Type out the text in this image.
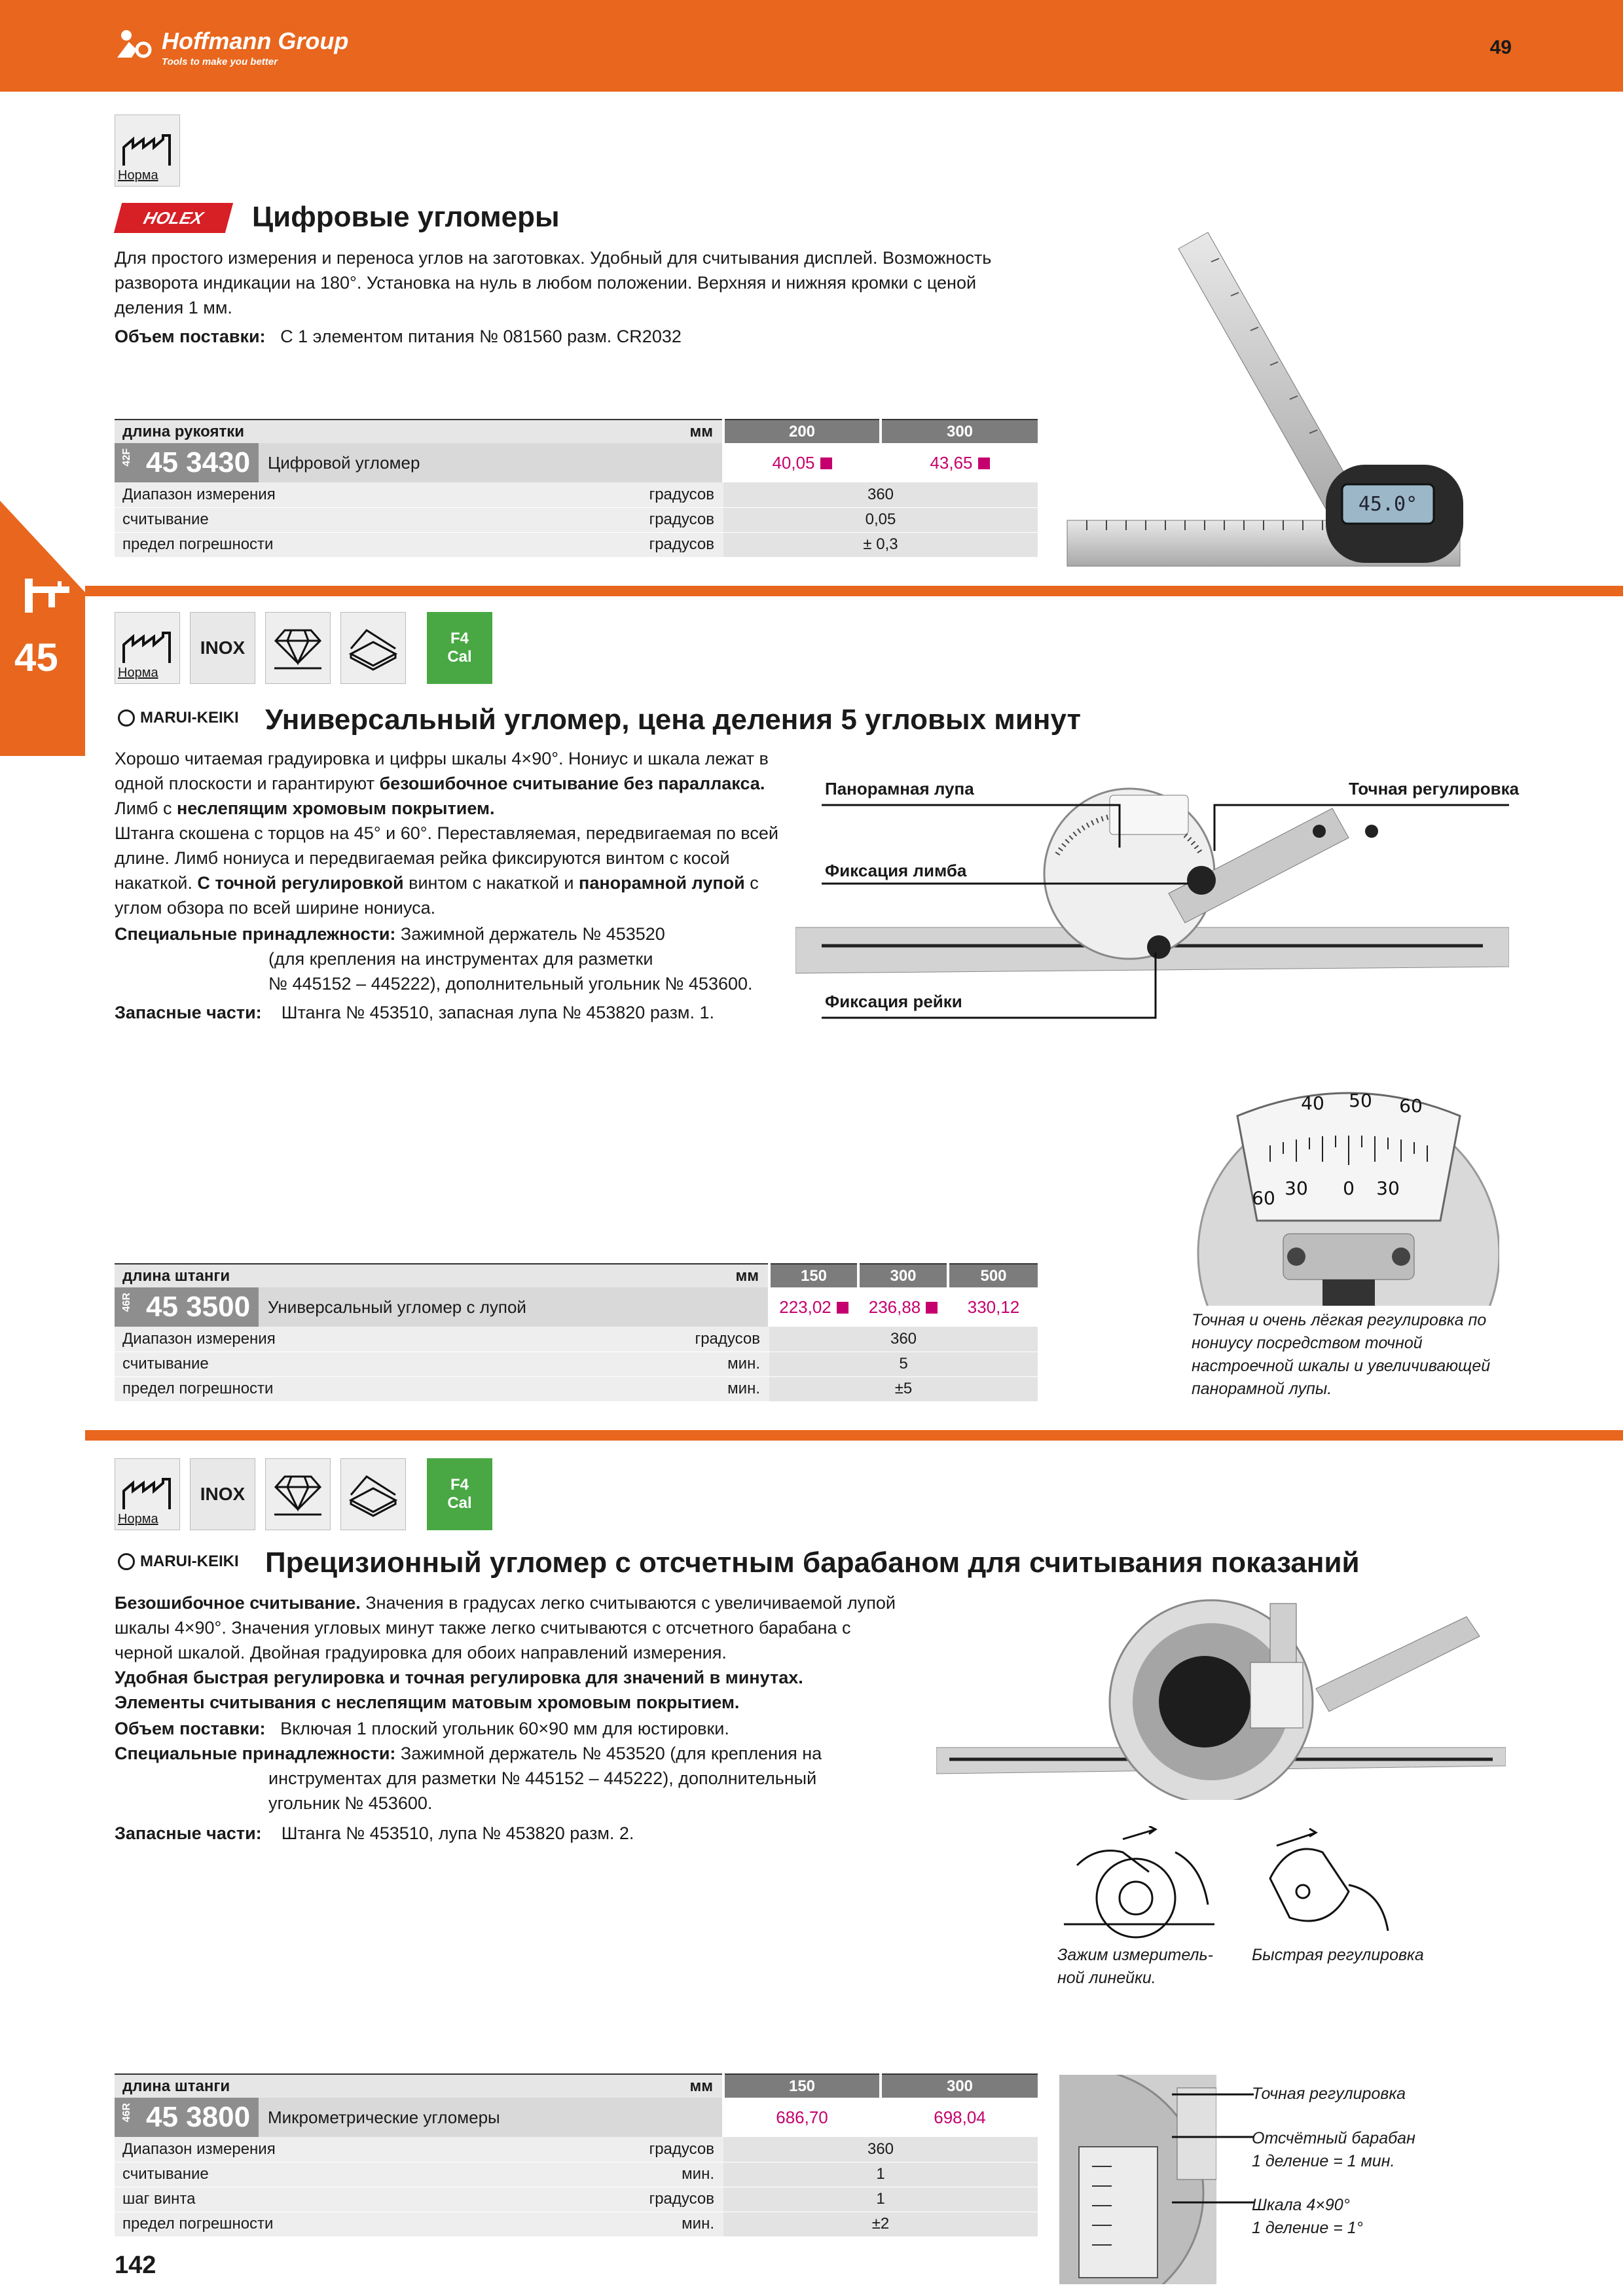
Hoffmann Group
Tools to make you better
49	RUE
45
Норма
HOLEX	Цифровые угломеры
Для простого измерения и переноса углов на заготовках. Удобный для считывания дисплей. Возможность разворота индикации на 180°. Установка на нуль в любом положении. Верхняя и нижняя кромки с ценой деления 1 мм.
Объем поставки: С 1 элементом питания № 081560 разм. CR2032
45.0°
длина рукоятки мм	200	300

42F 45 3430 Цифровой угломер	40,05	43,65
Диапазон измерения градусов	360	
считывание градусов	0,05	
предел погрешности градусов	± 0,3	
Норма
INOX	F4
Cal
MARUI-KEIKI Универсальный угломер, цена деления 5 угловых минут
Хорошо читаемая градуировка и цифры шкалы 4×90°. Нониус и шкала лежат в одной плоскости и гарантируют безошибочное считывание без параллакса. Лимб с неслепящим хромовым покрытием.
Штанга скошена с торцов на 45° и 60°. Переставляемая, передвигаемая по всей длине. Лимб нониуса и передвигаемая рейка фиксируются винтом с косой накаткой. С точной регулировкой винтом с накаткой и панорамной лупой с углом обзора по всей ширине нониуса.
Специальные принадлежности: Зажимной держатель № 453520
(для крепления на инструментах для разметки
№ 445152 – 445222), дополнительный угольник № 453600.
Запасные части: Штанга № 453510, запасная лупа № 453820 разм. 1.
Панорамная лупа	Точная регулировка
Фиксация лимба
Фиксация рейки
40 50 60
30 0 30
60
Точная и очень лёгкая регулировка по нониусу посредством точной настроечной шкалы и увеличивающей панорамной лупы.
длина штанги мм	150	300	500

46R 45 3500 Универсальный угломер с лупой	223,02	236,88	330,12
Диапазон измерения градусов	360		
считывание мин.	5		
предел погрешности мин.	±5		
Норма
INOX	F4
Cal
MARUI-KEIKI Прецизионный угломер с отсчетным барабаном для считывания показаний
Безошибочное считывание. Значения в градусах легко считываются с увеличиваемой лупой шкалы 4×90°. Значения угловых минут также легко считываются с отсчетного барабана с черной шкалой. Двойная градуировка для обоих направлений измерения.
Удобная быстрая регулировка и точная регулировка для значений в минутах.
Элементы считывания с неслепящим матовым хромовым покрытием.
Объем поставки: Включая 1 плоский угольник 60×90 мм для юстировки.
Специальные принадлежности: Зажимной держатель № 453520 (для крепления на
инструментах для разметки № 445152 – 445222), дополнительный
угольник № 453600.
Запасные части: Штанга № 453510, лупа № 453820 разм. 2.
Зажим измеритель-
ной линейки.
Быстрая регулировка
Точная регулировка
Отсчётный барабан
1 деление = 1 мин.
Шкала 4×90°
1 деление = 1°
длина штанги мм	150	300

46R 45 3800 Микрометрические угломеры	686,70	698,04
Диапазон измерения градусов	360	
считывание мин.	1	
шаг винта градусов	1	
предел погрешности мин.	±2	
142
